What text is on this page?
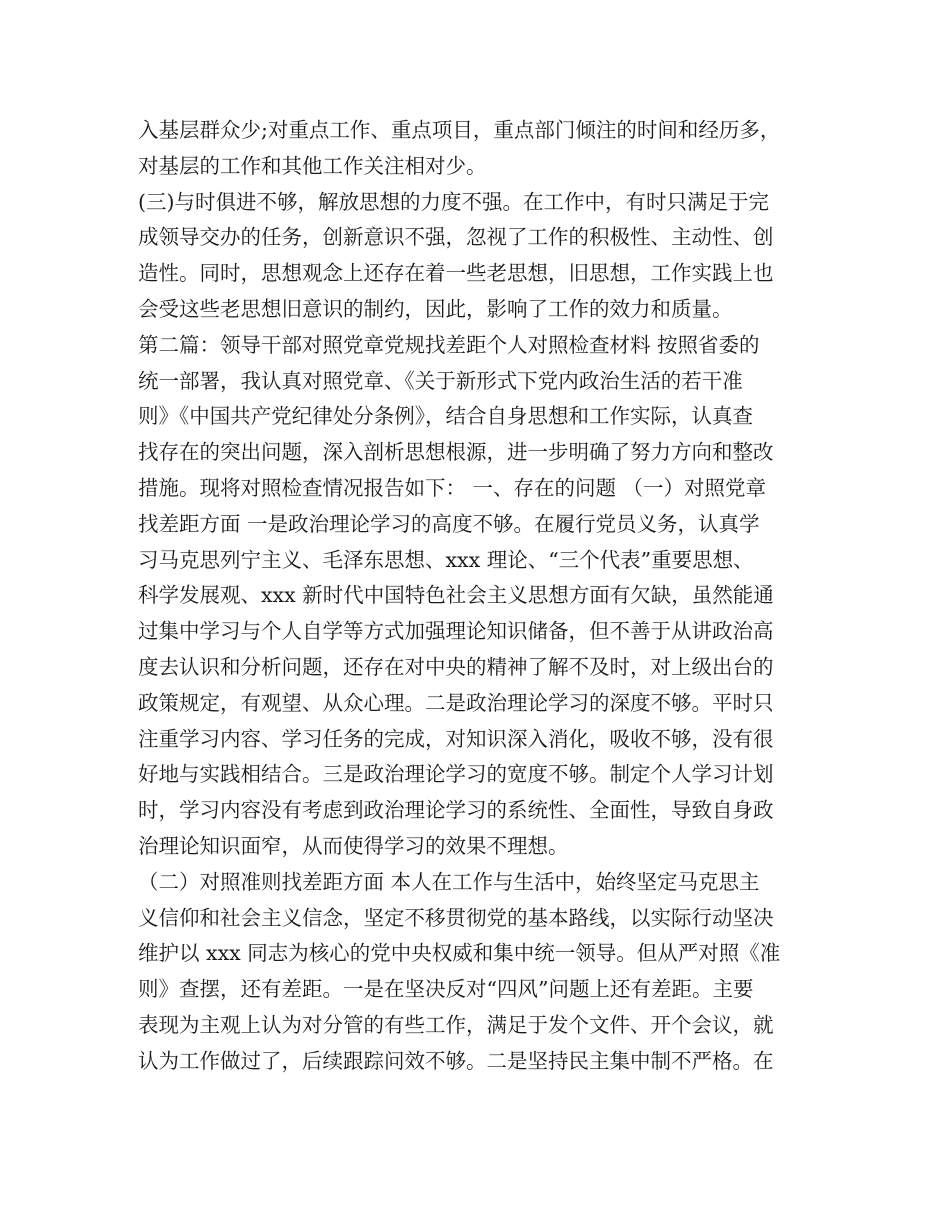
入基层群众少;对重点工作、重点项目，重点部门倾注的时间和经历多，
对基层的工作和其他工作关注相对少。
(三)与时俱进不够，解放思想的力度不强。在工作中，有时只满足于完
成领导交办的任务，创新意识不强，忽视了工作的积极性、主动性、创
造性。同时，思想观念上还存在着一些老思想，旧思想，工作实践上也
会受这些老思想旧意识的制约，因此，影响了工作的效力和质量。
第二篇：领导干部对照党章党规找差距个人对照检查材料 按照省委的
统一部署，我认真对照党章、《关于新形式下党内政治生活的若干准
则》《中国共产党纪律处分条例》，结合自身思想和工作实际，认真查
找存在的突出问题，深入剖析思想根源，进一步明确了努力方向和整改
措施。现将对照检查情况报告如下： 一、存在的问题 （一）对照党章
找差距方面 一是政治理论学习的高度不够。在履行党员义务，认真学
习马克思列宁主义、毛泽东思想、xxx 理论、“三个代表”重要思想、
科学发展观、xxx 新时代中国特色社会主义思想方面有欠缺，虽然能通
过集中学习与个人自学等方式加强理论知识储备，但不善于从讲政治高
度去认识和分析问题，还存在对中央的精神了解不及时，对上级出台的
政策规定，有观望、从众心理。二是政治理论学习的深度不够。平时只
注重学习内容、学习任务的完成，对知识深入消化，吸收不够，没有很
好地与实践相结合。三是政治理论学习的宽度不够。制定个人学习计划
时，学习内容没有考虑到政治理论学习的系统性、全面性，导致自身政
治理论知识面窄，从而使得学习的效果不理想。
（二）对照准则找差距方面 本人在工作与生活中，始终坚定马克思主
义信仰和社会主义信念，坚定不移贯彻党的基本路线，以实际行动坚决
维护以 xxx 同志为核心的党中央权威和集中统一领导。但从严对照《准
则》查摆，还有差距。一是在坚决反对“四风”问题上还有差距。主要
表现为主观上认为对分管的有些工作，满足于发个文件、开个会议，就
认为工作做过了，后续跟踪问效不够。二是坚持民主集中制不严格。在
